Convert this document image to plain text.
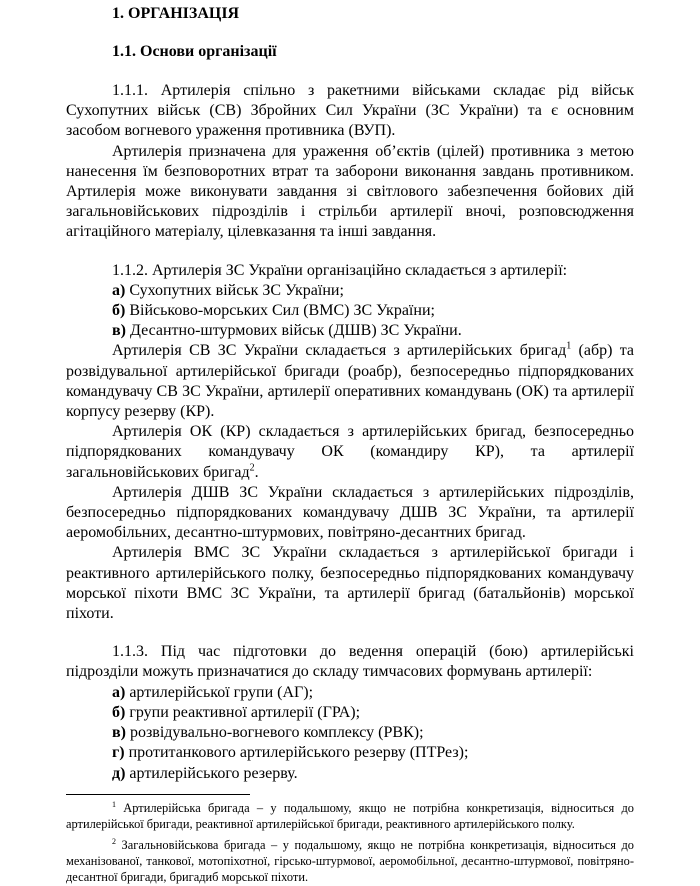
1. ОРГАНІЗАЦІЯ
1.1. Основи організації

1.1.1. Артилерія спільно з ракетними військами складає рід військ Сухопутних військ (СВ) Збройних Сил України (ЗС України) та є основним засобом вогневого ураження противника (ВУП).

Артилерія призначена для ураження об’єктів (цілей) противника з метою нанесення їм безповоротних втрат та заборони виконання завдань противником. Артилерія може виконувати завдання зі світлового забезпечення бойових дій загальновійськових підрозділів і стрільби артилерії вночі, розповсюдження агітаційного матеріалу, цілевказання та інші завдання.

1.1.2. Артилерія ЗС України організаційно складається з артилерії:

а) Сухопутних військ ЗС України;
б) Військово-морських Сил (ВМС) ЗС України;
в) Десантно-штурмових військ (ДШВ) ЗС України.

Артилерія СВ ЗС України складається з артилерійських бригад$^1$ (абр) та розвідувальної артилерійської бригади (роабр), безпосередньо підпорядкованих командувачу СВ ЗС України, артилерії оперативних командувань (ОК) та артилерії корпусу резерву (КР).

Артилерія ОК (КР) складається з артилерійських бригад, безпосередньо підпорядкованих командувачу ОК (командиру КР), та артилерії загальновійськових бригад$^2$.

Артилерія ДШВ ЗС України складається з артилерійських підрозділів, безпосередньо підпорядкованих командувачу ДШВ ЗС України, та артилерії аеромобільних, десантно-штурмових, повітряно-десантних бригад.

Артилерія ВМС ЗС України складається з артилерійської бригади і реактивного артилерійського полку, безпосередньо підпорядкованих командувачу морської піхоти ВМС ЗС України, та артилерії бригад (батальйонів) морської піхоти.

1.1.3. Під час підготовки до ведення операцій (бою) артилерійські підрозділи можуть призначатися до складу тимчасових формувань артилерії:

а) артилерійської групи (АГ);
б) групи реактивної артилерії (ГРА);
в) розвідувально-вогневого комплексу (РВК);
г) протитанкового артилерійського резерву (ПТРез);
д) артилерійського резерву.

$^1$ Артилерійська бригада – у подальшому, якщо не потрібна конкретизація, відноситься до артилерійської бригади, реактивної артилерійської бригади, реактивного артилерійського полку.

$^2$ Загальновійськова бригада – у подальшому, якщо не потрібна конкретизація, відноситься до механізованої, танкової, мотопіхотної, гірсько-штурмової, аеромобільної, десантно-штурмової, повітряно-десантної бригади, бригадиб морської піхоти.
